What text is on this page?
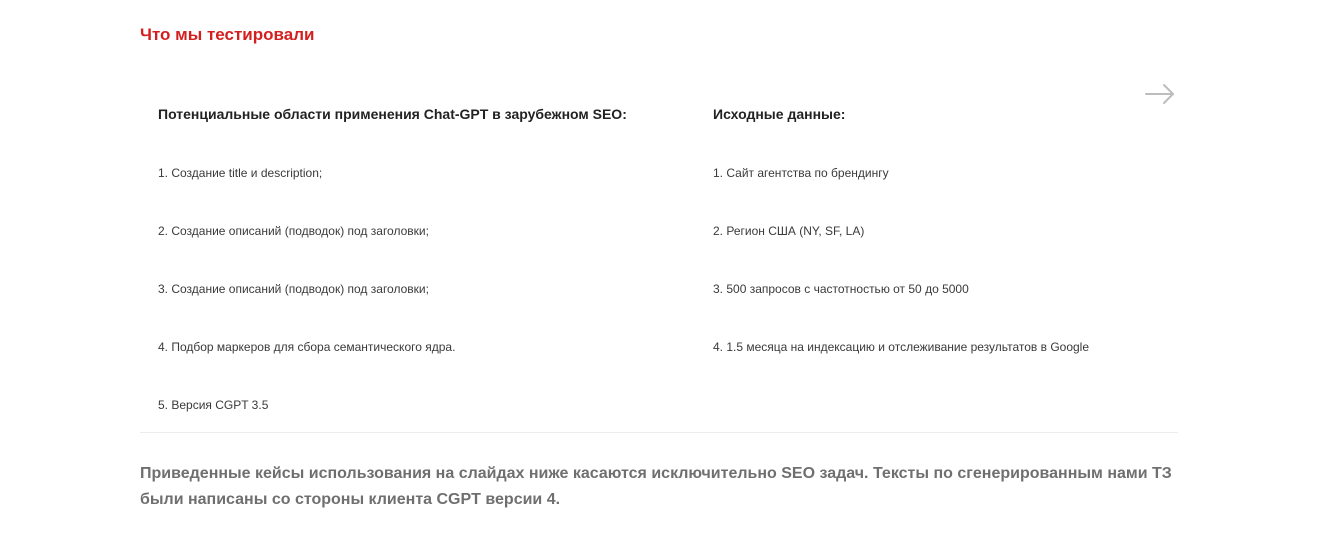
Что мы тестировали
Потенциальные области применения Chat-GPT в зарубежном SEO:
1. Создание title и description;
2. Создание описаний (подводок) под заголовки;
3. Создание описаний (подводок) под заголовки;
4. Подбор маркеров для сбора семантического ядра.
5. Версия CGPT 3.5
Исходные данные:
1. Сайт агентства по брендингу
2. Регион США (NY, SF, LA)
3. 500 запросов с частотностью от 50 до 5000
4. 1.5 месяца на индексацию и отслеживание результатов в Google

Приведенные кейсы использования на слайдах ниже касаются исключительно SEO задач. Тексты по сгенерированным нами ТЗ
были написаны со стороны клиента CGPT версии 4.
